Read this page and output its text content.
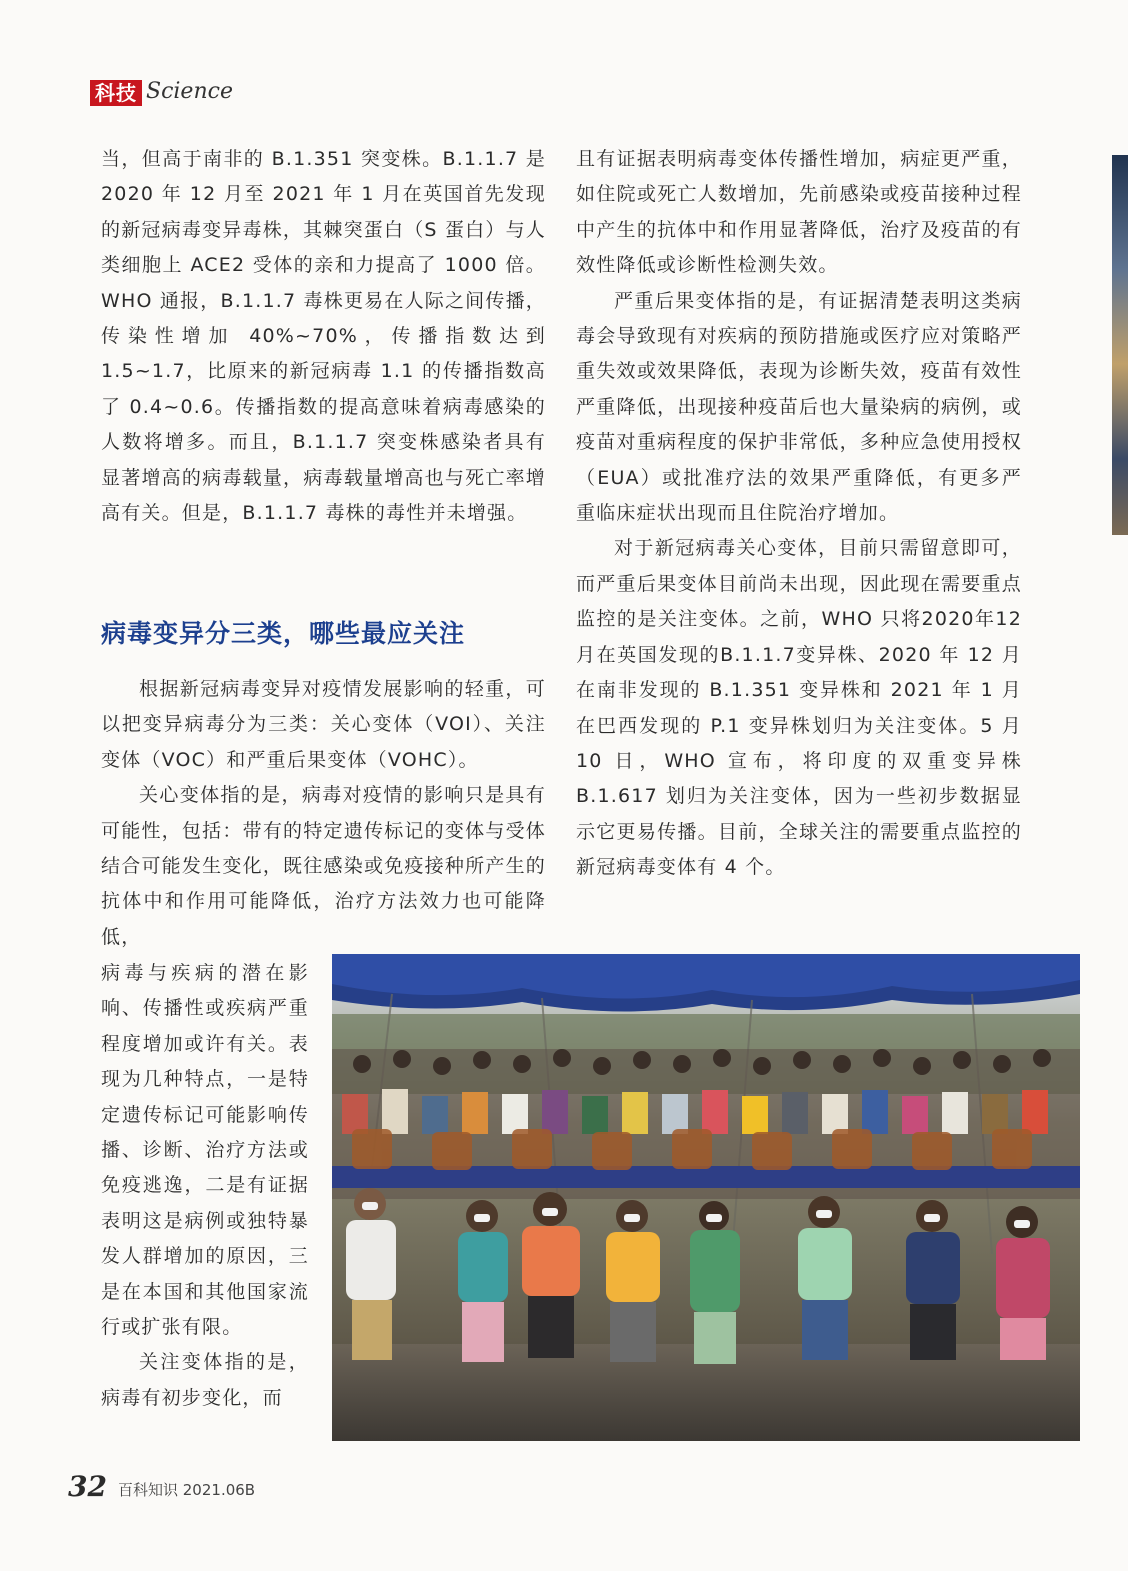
科技 Science

当，但高于南非的 B.1.351 突变株。B.1.1.7 是 2020 年 12 月至 2021 年 1 月在英国首先发现的新冠病毒变异毒株，其棘突蛋白（S 蛋白）与人类细胞上 ACE2 受体的亲和力提高了 1000 倍。WHO 通报，B.1.1.7 毒株更易在人际之间传播，传染性增加 40%~70%，传播指数达到 1.5~1.7，比原来的新冠病毒 1.1 的传播指数高了 0.4~0.6。传播指数的提高意味着病毒感染的人数将增多。而且，B.1.1.7 突变株感染者具有显著增高的病毒载量，病毒载量增高也与死亡率增高有关。但是，B.1.1.7 毒株的毒性并未增强。

病毒变异分三类，哪些最应关注

根据新冠病毒变异对疫情发展影响的轻重，可以把变异病毒分为三类：关心变体（VOI）、关注变体（VOC）和严重后果变体（VOHC）。

关心变体指的是，病毒对疫情的影响只是具有可能性，包括：带有的特定遗传标记的变体与受体结合可能发生变化，既往感染或免疫接种所产生的抗体中和作用可能降低，治疗方法效力也可能降低，

病毒与疾病的潜在影响、传播性或疾病严重程度增加或许有关。表现为几种特点，一是特定遗传标记可能影响传播、诊断、治疗方法或免疫逃逸，二是有证据表明这是病例或独特暴发人群增加的原因，三是在本国和其他国家流行或扩张有限。

关注变体指的是，病毒有初步变化，而

且有证据表明病毒变体传播性增加，病症更严重，如住院或死亡人数增加，先前感染或疫苗接种过程中产生的抗体中和作用显著降低，治疗及疫苗的有效性降低或诊断性检测失效。

严重后果变体指的是，有证据清楚表明这类病毒会导致现有对疾病的预防措施或医疗应对策略严重失效或效果降低，表现为诊断失效，疫苗有效性严重降低，出现接种疫苗后也大量染病的病例，或疫苗对重病程度的保护非常低，多种应急使用授权（EUA）或批准疗法的效果严重降低，有更多严重临床症状出现而且住院治疗增加。

对于新冠病毒关心变体，目前只需留意即可，而严重后果变体目前尚未出现，因此现在需要重点监控的是关注变体。之前，WHO 只将2020年12月在英国发现的B.1.1.7变异株、2020 年 12 月在南非发现的 B.1.351 变异株和 2021 年 1 月在巴西发现的 P.1 变异株划归为关注变体。5 月 10 日，WHO 宣布，将印度的双重变异株 B.1.617 划归为关注变体，因为一些初步数据显示它更易传播。目前，全球关注的需要重点监控的新冠病毒变体有 4 个。

32 百科知识 2021.06B
